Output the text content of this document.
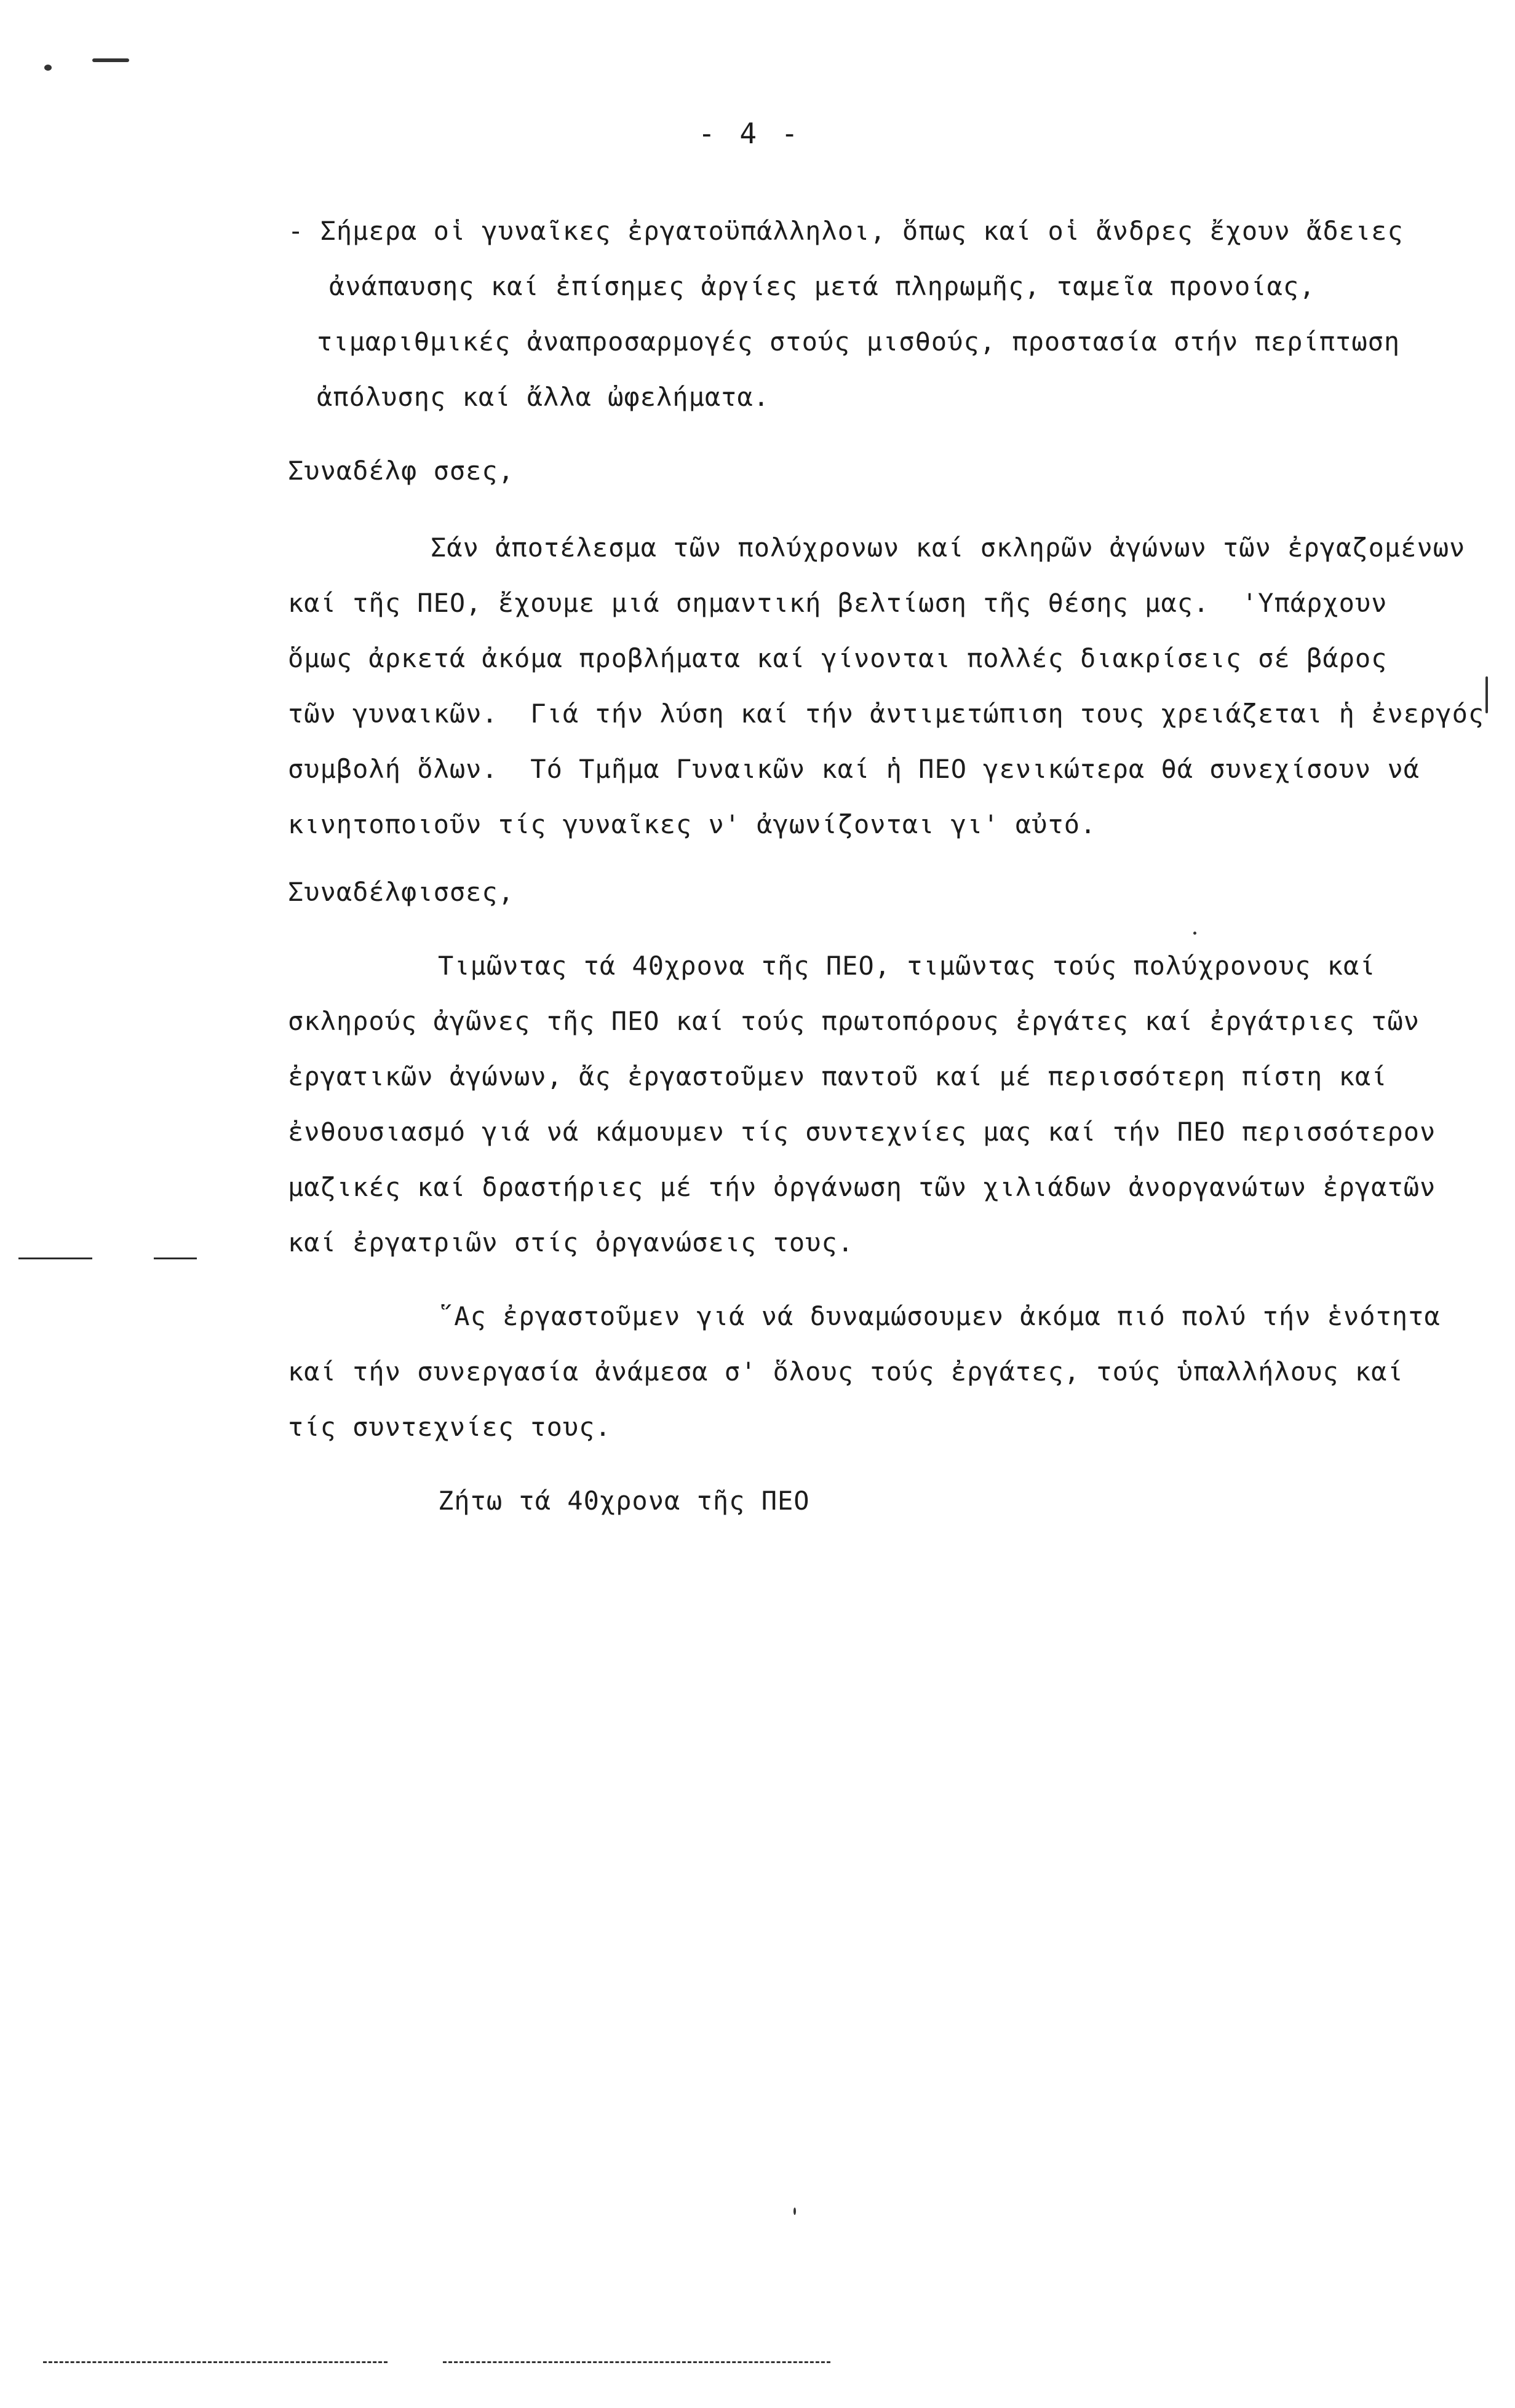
- 4 -
- Σήμερα οἱ γυναῖκες ἐργατοϋπάλληλοι, ὅπως καί οἱ ἄνδρες ἔχουν ἄδειες
ἀνάπαυσης καί ἐπίσημες ἀργίες μετά πληρωμῆς, ταμεῖα προνοίας,
τιμαριθμικές ἀναπροσαρμογές στούς μισθούς, προστασία στήν περίπτωση
ἀπόλυσης καί ἄλλα ὠφελήματα.
Συναδέλφ σσες,
Σάν ἀποτέλεσμα τῶν πολύχρονων καί σκληρῶν ἀγώνων τῶν ἐργαζομένων
καί τῆς ΠΕΟ, ἔχουμε μιά σημαντική βελτίωση τῆς θέσης μας.  'Υπάρχουν
ὅμως ἀρκετά ἀκόμα προβλήματα καί γίνονται πολλές διακρίσεις σέ βάρος
τῶν γυναικῶν.  Γιά τήν λύση καί τήν ἀντιμετώπιση τους χρειάζεται ἡ ἐνεργός
συμβολή ὅλων.  Τό Τμῆμα Γυναικῶν καί ἡ ΠΕΟ γενικώτερα θά συνεχίσουν νά
κινητοποιοῦν τίς γυναῖκες ν' ἀγωνίζονται γι' αὐτό.
Συναδέλφισσες,
Τιμῶντας τά 40χρονα τῆς ΠΕΟ, τιμῶντας τούς πολύχρονους καί
σκληρούς ἀγῶνες τῆς ΠΕΟ καί τούς πρωτοπόρους ἐργάτες καί ἐργάτριες τῶν
ἐργατικῶν ἀγώνων, ἄς ἐργαστοῦμεν παντοῦ καί μέ περισσότερη πίστη καί
ἐνθουσιασμό γιά νά κάμουμεν τίς συντεχνίες μας καί τήν ΠΕΟ περισσότερον
μαζικές καί δραστήριες μέ τήν ὀργάνωση τῶν χιλιάδων ἀνοργανώτων ἐργατῶν
καί ἐργατριῶν στίς ὀργανώσεις τους.
῞Ας ἐργαστοῦμεν γιά νά δυναμώσουμεν ἀκόμα πιό πολύ τήν ἑνότητα
καί τήν συνεργασία ἀνάμεσα σ' ὅλους τούς ἐργάτες, τούς ὑπαλλήλους καί
τίς συντεχνίες τους.
Ζήτω τά 40χρονα τῆς ΠΕΟ
